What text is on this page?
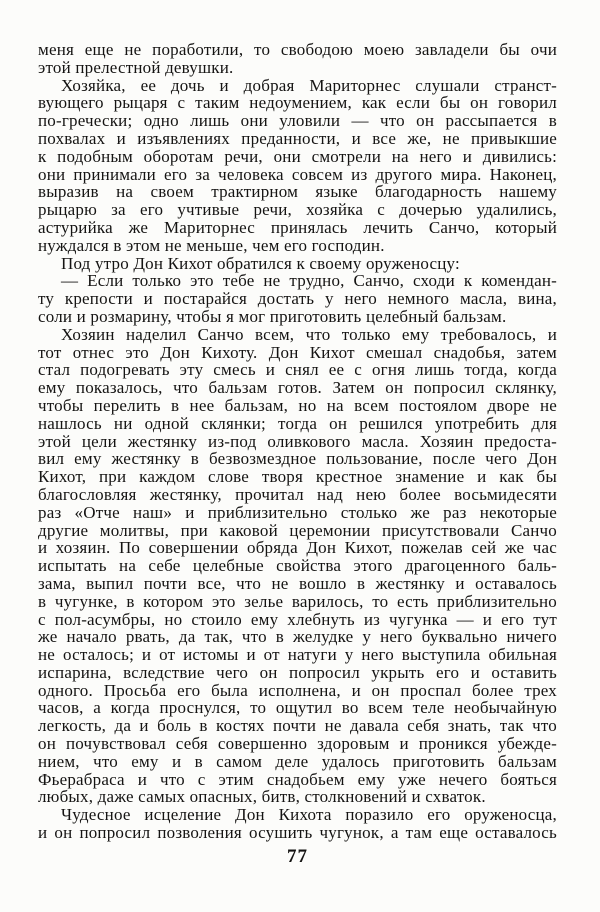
меня еще не поработили, то свободою моею завладели бы очи
этой прелестной девушки.
Хозяйка, ее дочь и добрая Мариторнес слушали странст-
вующего рыцаря с таким недоумением, как если бы он говорил
по-гречески; одно лишь они уловили — что он рассыпается в
похвалах и изъявлениях преданности, и все же, не привыкшие
к подобным оборотам речи, они смотрели на него и дивились:
они принимали его за человека совсем из другого мира. Наконец,
выразив на своем трактирном языке благодарность нашему
рыцарю за его учтивые речи, хозяйка с дочерью удалились,
астурийка же Мариторнес принялась лечить Санчо, который
нуждался в этом не меньше, чем его господин.
Под утро Дон Кихот обратился к своему оруженосцу:
— Если только это тебе не трудно, Санчо, сходи к комендан-
ту крепости и постарайся достать у него немного масла, вина,
соли и розмарину, чтобы я мог приготовить целебный бальзам.
Хозяин наделил Санчо всем, что только ему требовалось, и
тот отнес это Дон Кихоту. Дон Кихот смешал снадобья, затем
стал подогревать эту смесь и снял ее с огня лишь тогда, когда
ему показалось, что бальзам готов. Затем он попросил склянку,
чтобы перелить в нее бальзам, но на всем постоялом дворе не
нашлось ни одной склянки; тогда он решился употребить для
этой цели жестянку из-под оливкового масла. Хозяин предоста-
вил ему жестянку в безвозмездное пользование, после чего Дон
Кихот, при каждом слове творя крестное знамение и как бы
благословляя жестянку, прочитал над нею более восьмидесяти
раз «Отче наш» и приблизительно столько же раз некоторые
другие молитвы, при каковой церемонии присутствовали Санчо
и хозяин. По совершении обряда Дон Кихот, пожелав сей же час
испытать на себе целебные свойства этого драгоценного баль-
зама, выпил почти все, что не вошло в жестянку и оставалось
в чугунке, в котором это зелье варилось, то есть приблизительно
с пол-асумбры, но стоило ему хлебнуть из чугунка — и его тут
же начало рвать, да так, что в желудке у него буквально ничего
не осталось; и от истомы и от натуги у него выступила обильная
испарина, вследствие чего он попросил укрыть его и оставить
одного. Просьба его была исполнена, и он проспал более трех
часов, а когда проснулся, то ощутил во всем теле необычайную
легкость, да и боль в костях почти не давала себя знать, так что
он почувствовал себя совершенно здоровым и проникся убежде-
нием, что ему и в самом деле удалось приготовить бальзам
Фьерабраса и что с этим снадобьем ему уже нечего бояться
любых, даже самых опасных, битв, столкновений и схваток.
Чудесное исцеление Дон Кихота поразило его оруженосца,
и он попросил позволения осушить чугунок, а там еще оставалось
77
